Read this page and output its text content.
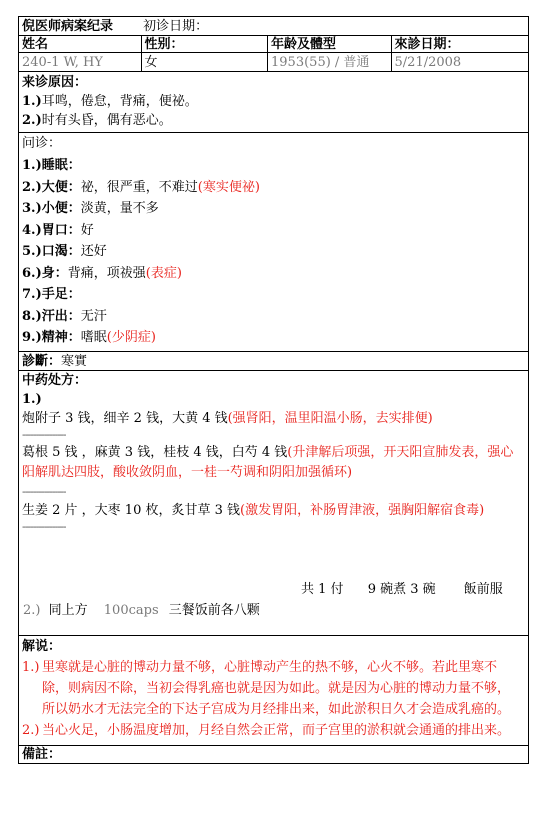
倪医师病案纪录 初诊日期：
姓名	性别：	年龄及體型	來診日期：
240-1 W, HY	女	1953(55) / 普通	5/21/2008
来诊原因：
1.)耳鸣，倦怠，背痛，便祕。
2.)时有头昏，偶有恶心。
问诊：
1.)睡眠：
2.)大便：祕，很严重，不难过(寒实便祕)
3.)小便：淡黄，量不多
4.)胃口：好
5.)口渴：还好
6.)身：背痛，项祓强(表症)
7.)手足：
8.)汗出：无汗
9.)精神：嗜眠(少阴症)
診斷：寒實
中药处方：
1.)
炮附子 3 钱，细辛 2 钱，大黄 4 钱(强肾阳，温里阳温小肠，去实排便)
----------------
葛根 5 钱 ，麻黄 3 钱，桂枝 4 钱，白芍 4 钱(升津解后项强，开天阳宣肺发表，强心阳解肌达四肢，酸收敛阴血，一桂一芍调和阴阳加强循环)
----------------
生姜 2 片 ，大枣 10 枚，炙甘草 3 钱(激发胃阳，补肠胃津液，强胸阳解宿食毒)
----------------
共 1 付 9 碗煮 3 碗 飯前服
2.) 同上方 100caps 三餐饭前各八颗
解说：
1.) 里寒就是心脏的博动力量不够，心脏博动产生的热不够，心火不够。若此里寒不除，则病因不除，当初会得乳癌也就是因为如此。就是因为心脏的博动力量不够，所以奶水才无法完全的下达子宫成为月经排出来，如此淤积日久才会造成乳癌的。
2.) 当心火足，小肠温度增加，月经自然会正常，而子宫里的淤积就会通通的排出来。
備註：
